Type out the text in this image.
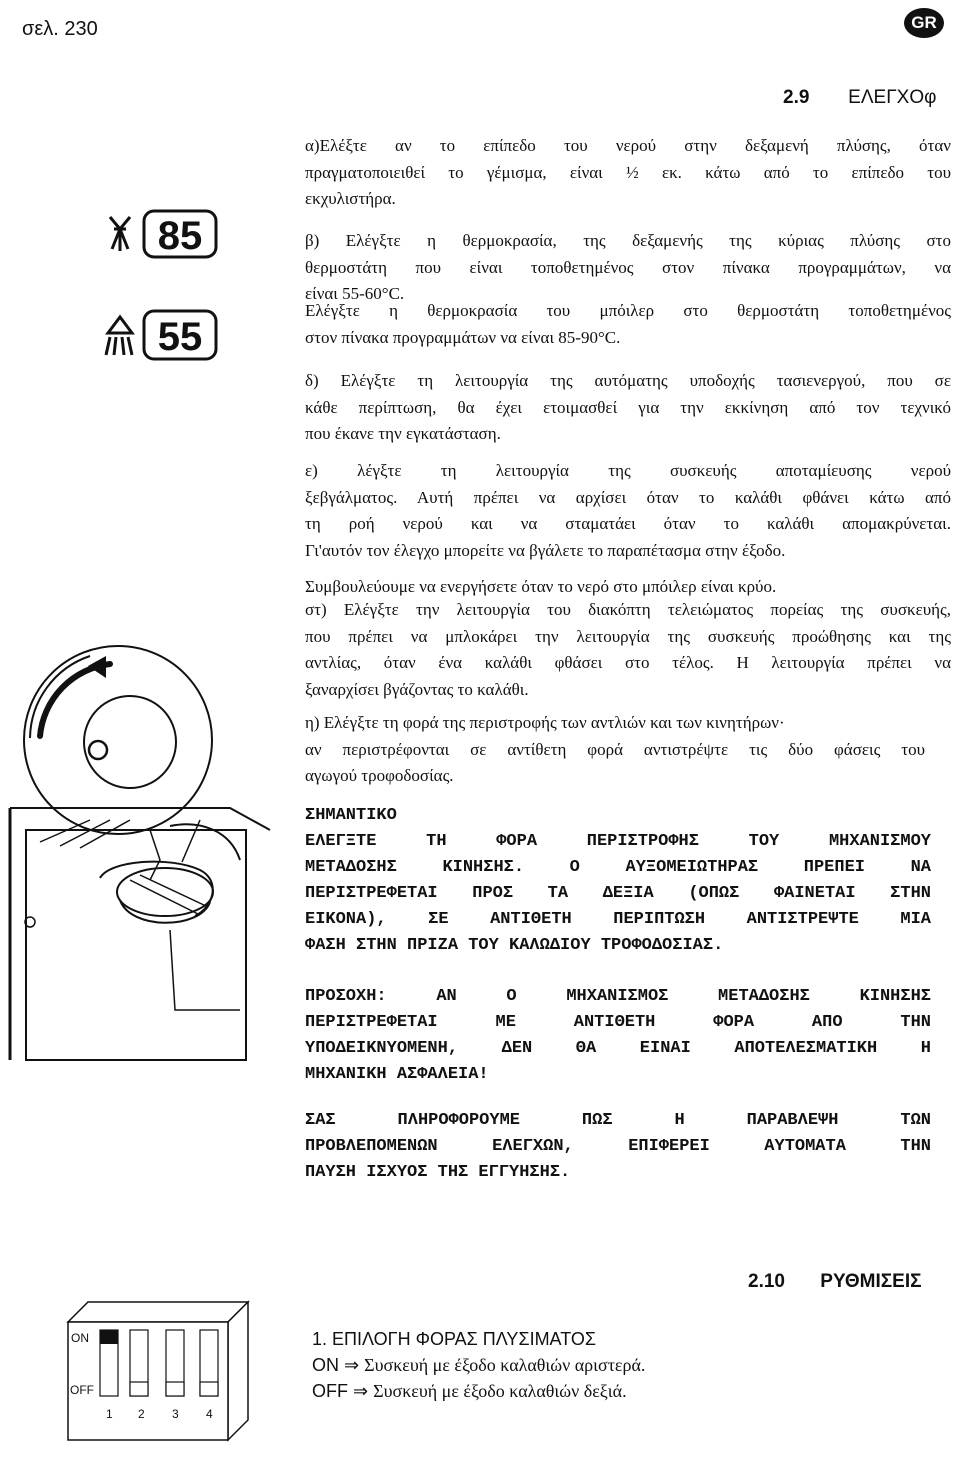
σελ. 230	GR
2.9 ΕΛΕΓΧΟφ
85
55
α)Ελέξτε αν το επίπεδο του νερού στην δεξαμενή πλύσης, όταν
πραγματοποιειθεί το γέμισμα, είναι ½ εκ. κάτω από το επίπεδο του
εκχυλιστήρα.
β) Ελέγξτε η θερμοκρασία, της δεξαμενής της κύριας πλύσης στο
θερμοστάτη που είναι τοποθετημένος στον πίνακα προγραμμάτων, να
είναι 55-60°C.
Ελέγξτε η θερμοκρασία του μπόιλερ στο θερμοστάτη τοποθετημένος
στον πίνακα προγραμμάτων να είναι 85-90°C.
δ) Ελέγξτε τη λειτουργία της αυτόματης υποδοχής τασιενεργού, που σε
κάθε περίπτωση, θα έχει ετοιμασθεί για την εκκίνηση από τον τεχνικό
που έκανε την εγκατάσταση.
ε) λέγξτε τη λειτουργία της συσκευής αποταμίευσης νερού
ξεβγάλματος. Αυτή πρέπει να αρχίσει όταν το καλάθι φθάνει κάτω από
τη ροή νερού και να σταματάει όταν το καλάθι απομακρύνεται.
Γι'αυτόν τον έλεγχο μπορείτε να βγάλετε το παραπέτασμα στην έξοδο.
Συμβουλεύουμε να ενεργήσετε όταν το νερό στο μπόιλερ είναι κρύο.
στ) Ελέγξτε την λειτουργία του διακόπτη τελειώματος πορείας της συσκευής,
που πρέπει να μπλοκάρει την λειτουργία της συσκευής προώθησης και της
αντλίας, όταν ένα καλάθι φθάσει στο τέλος. Η λειτουργία πρέπει να
ξαναρχίσει βγάζοντας το καλάθι.
η) Ελέγξτε τη φορά της περιστροφής των αντλιών και των κινητήρων·
αν περιστρέφονται σε αντίθετη φορά αντιστρέψτε τις δύο φάσεις του
αγωγού τροφοδοσίας.
ΣΗΜΑΝΤΙΚΟ
ΕΛΕΓΞΤΕ ΤΗ ΦΟΡΑ ΠΕΡΙΣΤΡΟΦΗΣ ΤΟΥ ΜΗΧΑΝΙΣΜΟΥ
ΜΕΤΑΔΟΣΗΣ ΚΙΝΗΣΗΣ. Ο ΑΥΞΟΜΕΙΩΤΗΡΑΣ ΠΡΕΠΕΙ ΝΑ
ΠΕΡΙΣΤΡΕΦΕΤΑΙ ΠΡΟΣ ΤΑ ΔΕΞΙΑ (ΟΠΩΣ ΦΑΙΝΕΤΑΙ ΣΤΗΝ
ΕΙΚΟΝΑ), ΣΕ ΑΝΤΙΘΕΤΗ ΠΕΡΙΠΤΩΣΗ ΑΝΤΙΣΤΡΕΨΤΕ ΜΙΑ
ΦΑΣΗ ΣΤΗΝ ΠΡΙΖΑ ΤΟΥ ΚΑΛΩΔΙΟΥ ΤΡΟΦΟΔΟΣΙΑΣ.
ΠΡΟΣΟΧΗ: ΑΝ Ο ΜΗΧΑΝΙΣΜΟΣ ΜΕΤΑΔΟΣΗΣ ΚΙΝΗΣΗΣ
ΠΕΡΙΣΤΡΕΦΕΤΑΙ ΜΕ ΑΝΤΙΘΕΤΗ ΦΟΡΑ ΑΠΟ ΤΗΝ
ΥΠΟΔΕΙΚΝΥΟΜΕΝΗ, ΔΕΝ ΘΑ ΕΙΝΑΙ ΑΠΟΤΕΛΕΣΜΑΤΙΚΗ Η
ΜΗΧΑΝΙΚΗ ΑΣΦΑΛΕΙΑ!
ΣΑΣ ΠΛΗΡΟΦΟΡΟΥΜΕ ΠΩΣ Η ΠΑΡΑΒΛΕΨΗ ΤΩΝ
ΠΡΟΒΛΕΠΟΜΕΝΩΝ ΕΛΕΓΧΩΝ, ΕΠΙΦΕΡΕΙ ΑΥΤΟΜΑΤΑ ΤΗΝ
ΠΑΥΣΗ ΙΣΧΥΟΣ ΤΗΣ ΕΓΓΥΗΣΗΣ.
2.10 ΡΥΘΜΙΣΕΙΣ
ON
OFF
1 2 3 4
1. ΕΠΙΛΟΓΗ ΦΟΡΑΣ ΠΛΥΣΙΜΑΤΟΣ
ON ⇒ Συσκευή με έξοδο καλαθιών αριστερά.
OFF ⇒ Συσκευή με έξοδο καλαθιών δεξιά.
